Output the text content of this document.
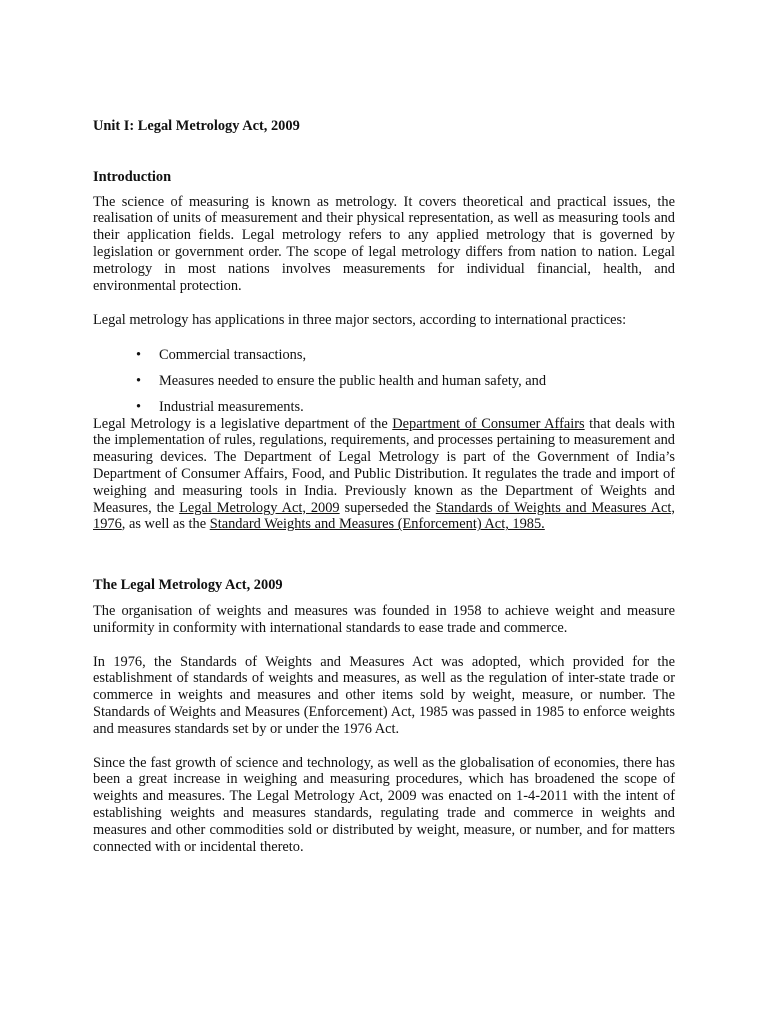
Unit I: Legal Metrology Act, 2009

Introduction

The science of measuring is known as metrology. It covers theoretical and practical issues, the realisation of units of measurement and their physical representation, as well as measuring tools and their application fields. Legal metrology refers to any applied metrology that is governed by legislation or government order. The scope of legal metrology differs from nation to nation. Legal metrology in most nations involves measurements for individual financial, health, and environmental protection.

Legal metrology has applications in three major sectors, according to international practices:

• Commercial transactions,
• Measures needed to ensure the public health and human safety, and
• Industrial measurements.

Legal Metrology is a legislative department of the Department of Consumer Affairs that deals with the implementation of rules, regulations, requirements, and processes pertaining to measurement and measuring devices. The Department of Legal Metrology is part of the Government of India’s Department of Consumer Affairs, Food, and Public Distribution. It regulates the trade and import of weighing and measuring tools in India. Previously known as the Department of Weights and Measures, the Legal Metrology Act, 2009 superseded the Standards of Weights and Measures Act, 1976, as well as the Standard Weights and Measures (Enforcement) Act, 1985.

The Legal Metrology Act, 2009

The organisation of weights and measures was founded in 1958 to achieve weight and measure uniformity in conformity with international standards to ease trade and commerce.

In 1976, the Standards of Weights and Measures Act was adopted, which provided for the establishment of standards of weights and measures, as well as the regulation of inter-state trade or commerce in weights and measures and other items sold by weight, measure, or number. The Standards of Weights and Measures (Enforcement) Act, 1985 was passed in 1985 to enforce weights and measures standards set by or under the 1976 Act.

Since the fast growth of science and technology, as well as the globalisation of economies, there has been a great increase in weighing and measuring procedures, which has broadened the scope of weights and measures. The Legal Metrology Act, 2009 was enacted on 1-4-2011 with the intent of establishing weights and measures standards, regulating trade and commerce in weights and measures and other commodities sold or distributed by weight, measure, or number, and for matters connected with or incidental thereto.
